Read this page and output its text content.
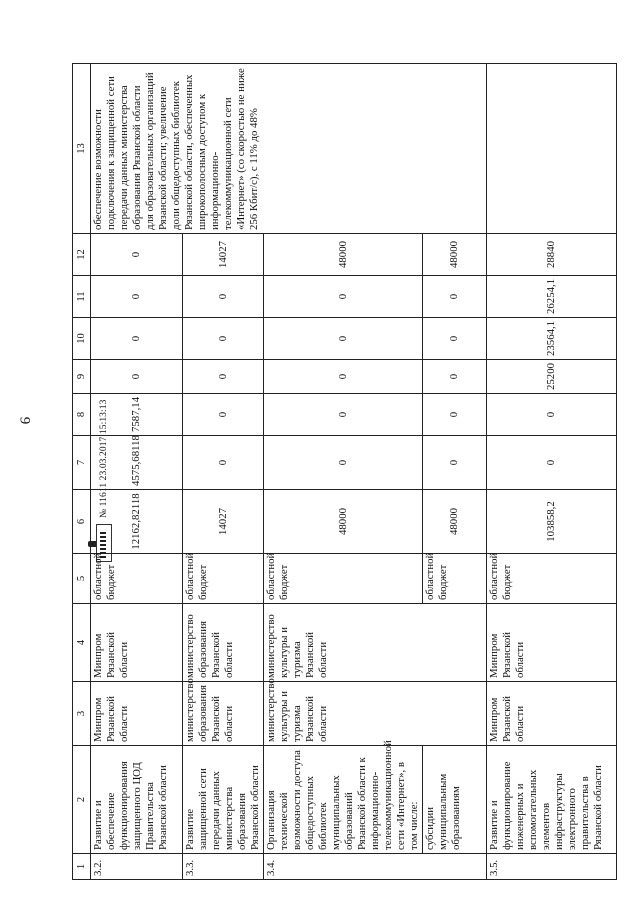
9	№ 11611 23.03.2017 15:13:13
1	2	3	4	5	6	7	8	9	10	11	12	13
3.2.	Развитие и обеспечение функционирования защищенного ЦОД Правительства Рязанской области	Минпром Рязанской области	Минпром Рязанской области	областной бюджет	12162,82118	4575,68118	7587,14	0	0	0	0	обеспечение возможности подключения к защищенной сети передачи данных министерства образования Рязанской области для образовательных организаций Рязанской области; увеличение доли общедоступных библиотек Рязанской области, обеспеченных широкополосным доступом к информационно-телекоммуникационной сети «Интернет» (со скоростью не ниже 256 Кбит/с), с 11% до 48%
3.3.	Развитие защищенной сети передачи данных министерства образования Рязанской области	министерство образования Рязанской области	министерство образования Рязанской области	областной бюджет	14027	0	0	0	0	0	14027	
3.4.	Организация технической возможности доступа общедоступных библиотек муниципальных образований Рязанской области к информационно-телекоммуникационной сети «Интернет», в том числе:	министерство культуры и туризма Рязанской области	министерство культуры и туризма Рязанской области	областной бюджет	48000	0	0	0	0	0	48000	
	субсидии муниципальным образованиям			областной бюджет	48000	0	0	0	0	0	48000	
3.5.	Развитие и функционирование инженерных и вспомогательных элементов инфраструктуры электронного правительства в Рязанской области	Минпром Рязанской области	Минпром Рязанской области	областной бюджет	103858,2	0	0	25200	23564,1	26254,1	28840	
